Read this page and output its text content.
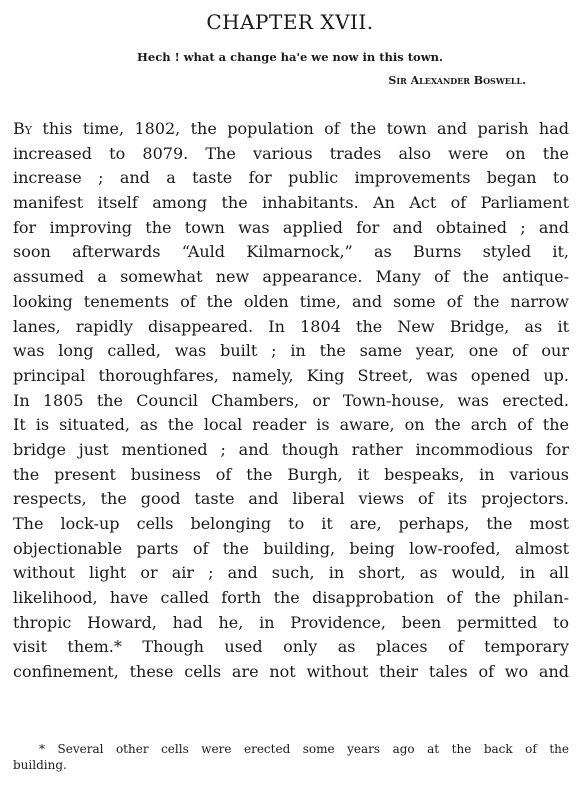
CHAPTER XVII.

Hech ! what a change ha'e we now in this town.

Sir Alexander Boswell.

By this time, 1802, the population of the town and parish had
increased to 8079. The various trades also were on the
increase ; and a taste for public improvements began to
manifest itself among the inhabitants. An Act of Parliament
for improving the town was applied for and obtained ; and
soon afterwards “Auld Kilmarnock,” as Burns styled it,
assumed a somewhat new appearance. Many of the antique-
looking tenements of the olden time, and some of the narrow
lanes, rapidly disappeared. In 1804 the New Bridge, as it
was long called, was built ; in the same year, one of our
principal thoroughfares, namely, King Street, was opened up.
In 1805 the Council Chambers, or Town-house, was erected.
It is situated, as the local reader is aware, on the arch of the
bridge just mentioned ; and though rather incommodious for
the present business of the Burgh, it bespeaks, in various
respects, the good taste and liberal views of its projectors.
The lock-up cells belonging to it are, perhaps, the most
objectionable parts of the building, being low-roofed, almost
without light or air ; and such, in short, as would, in all
likelihood, have called forth the disapprobation of the philan-
thropic Howard, had he, in Providence, been permitted to
visit them.* Though used only as places of temporary
confinement, these cells are not without their tales of wo and
* Several other cells were erected some years ago at the back of the
building.
